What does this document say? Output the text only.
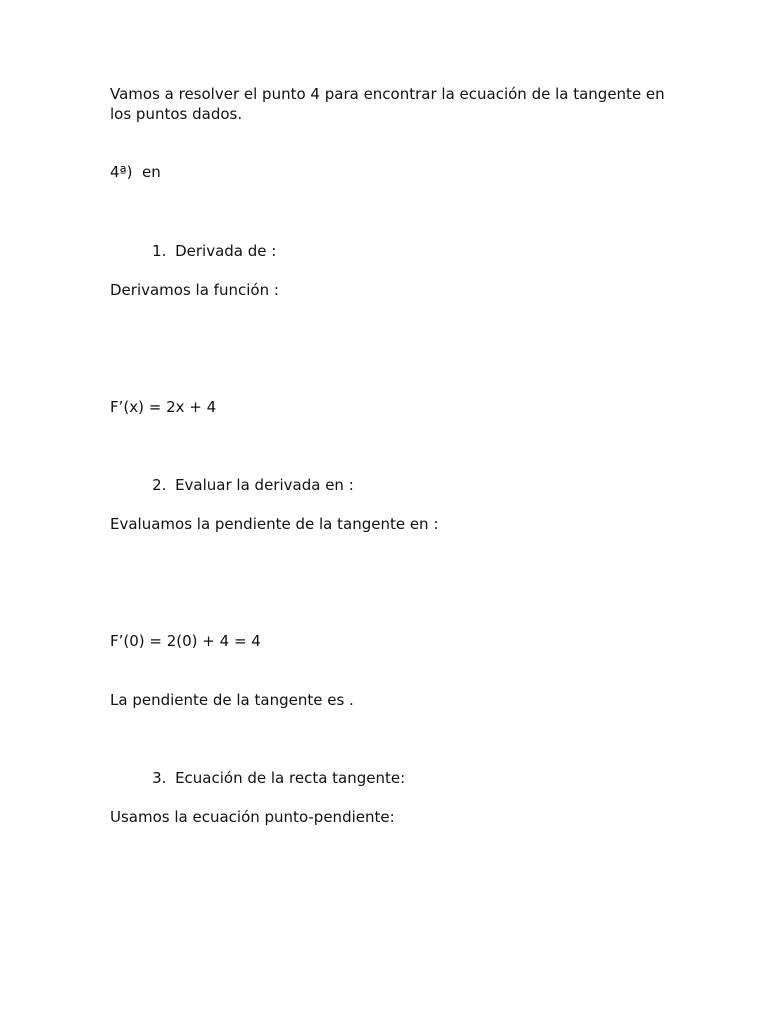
Vamos a resolver el punto 4 para encontrar la ecuación de la tangente en los puntos dados.
4ª)  en

1. Derivada de :

Derivamos la función :
F’(x) = 2x + 4

2. Evaluar la derivada en :

Evaluamos la pendiente de la tangente en :
F’(0) = 2(0) + 4 = 4
La pendiente de la tangente es .

3. Ecuación de la recta tangente:

Usamos la ecuación punto-pendiente:
